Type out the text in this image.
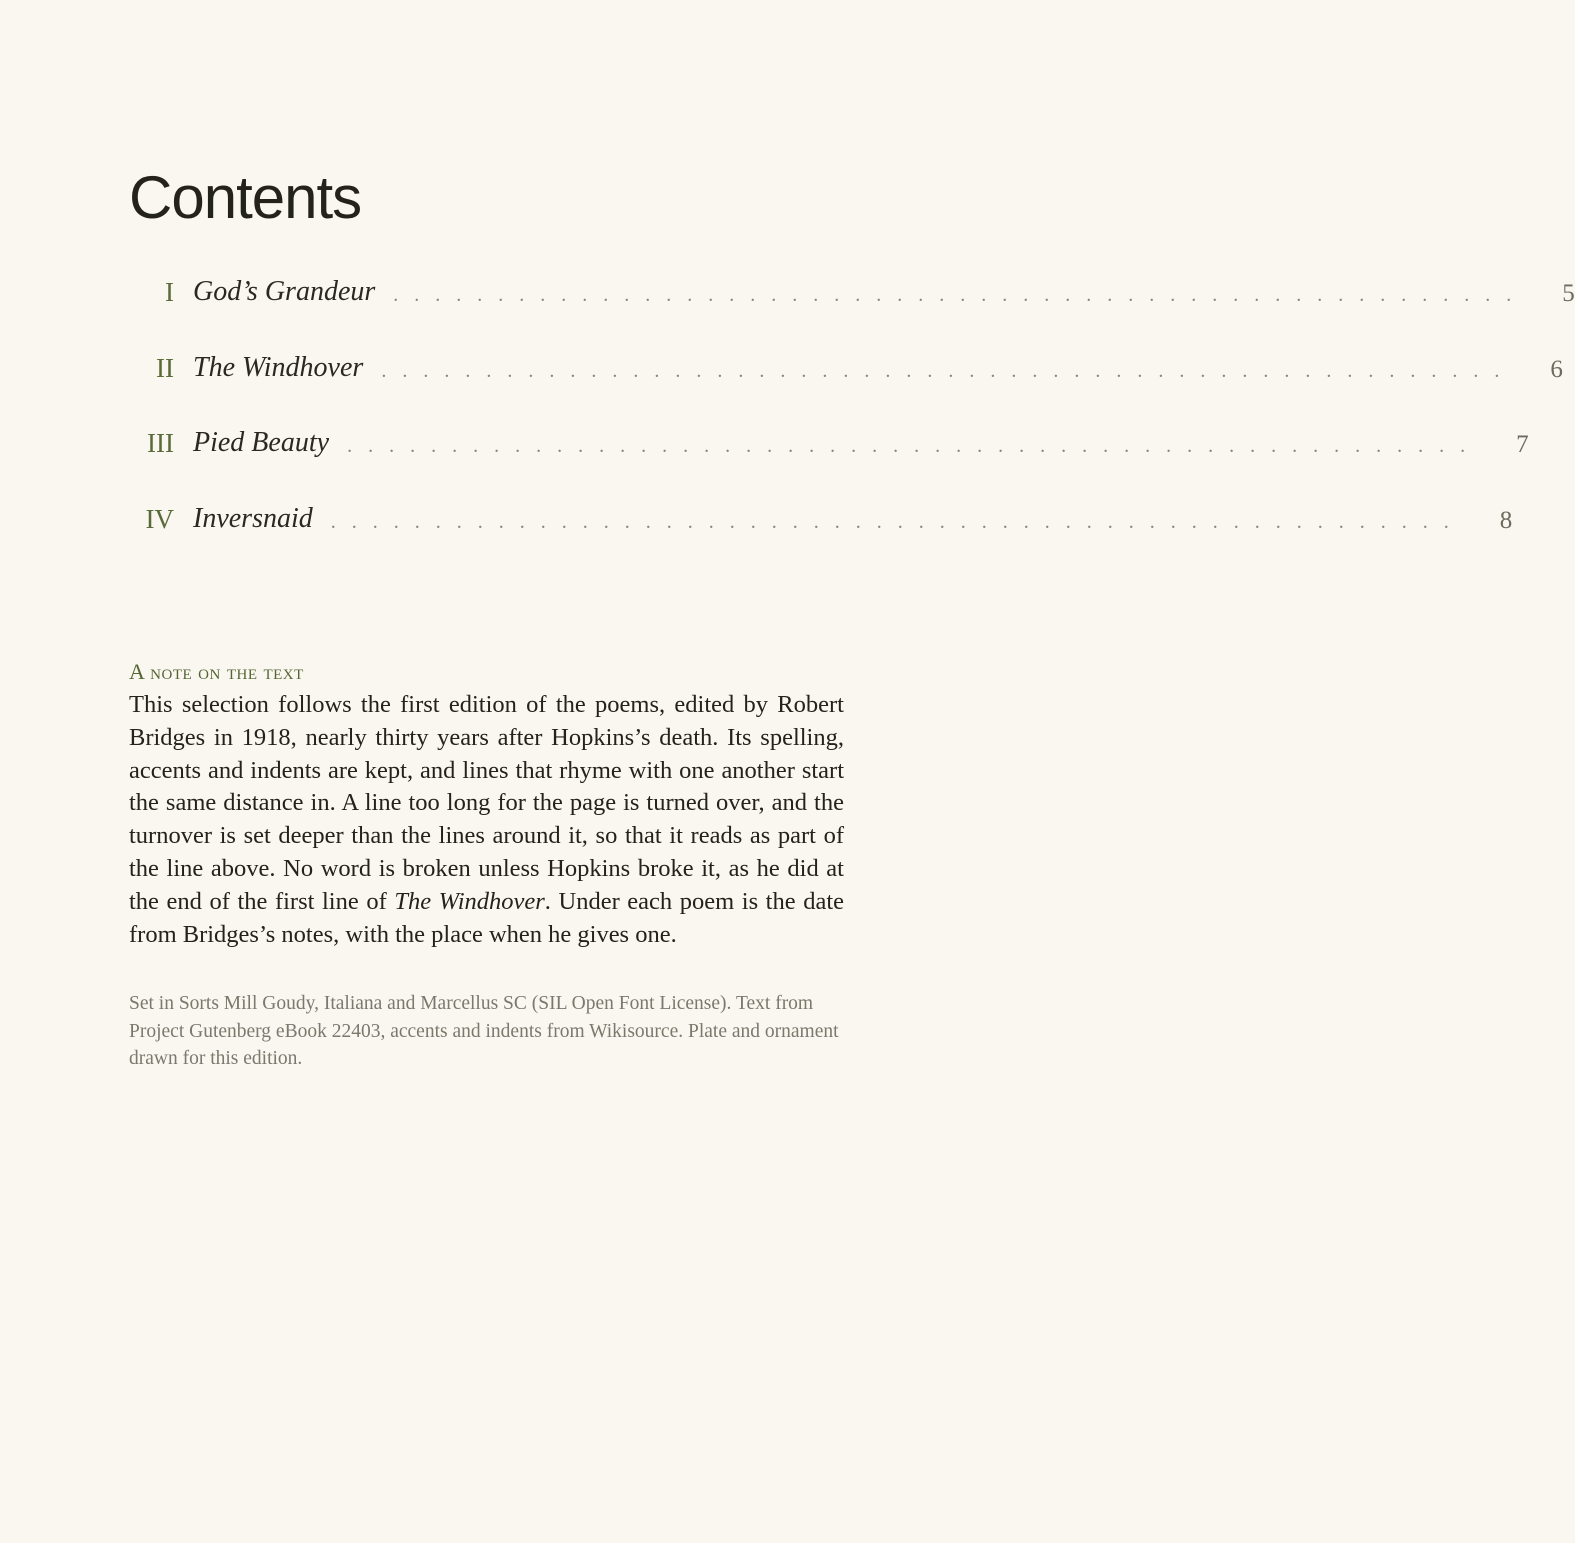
Contents
I God’s Grandeur . . . . . . . . . . . . . . . . . . . . . . . . . . . . . . . . . . . . . . . . . . . . . . . . . . . . . .	5
II The Windhover . . . . . . . . . . . . . . . . . . . . . . . . . . . . . . . . . . . . . . . . . . . . . . . . . . . . . .	6
III Pied Beauty . . . . . . . . . . . . . . . . . . . . . . . . . . . . . . . . . . . . . . . . . . . . . . . . . . . . . .	7
IV Inversnaid . . . . . . . . . . . . . . . . . . . . . . . . . . . . . . . . . . . . . . . . . . . . . . . . . . . . . .	8
A note on the text

This selection follows the first edition of the poems, edited by Robert Bridges in 1918, nearly thirty years after Hopkins’s death. Its spelling, accents and indents are kept, and lines that rhyme with one another start the same distance in. A line too long for the page is turned over, and the turnover is set deeper than the lines around it, so that it reads as part of the line above. No word is broken unless Hopkins broke it, as he did at the end of the first line of The Windhover. Under each poem is the date from Bridges’s notes, with the place when he gives one.

Set in Sorts Mill Goudy, Italiana and Marcellus SC (SIL Open Font License). Text from Project Gutenberg eBook 22403, accents and indents from Wikisource. Plate and ornament drawn for this edition.
